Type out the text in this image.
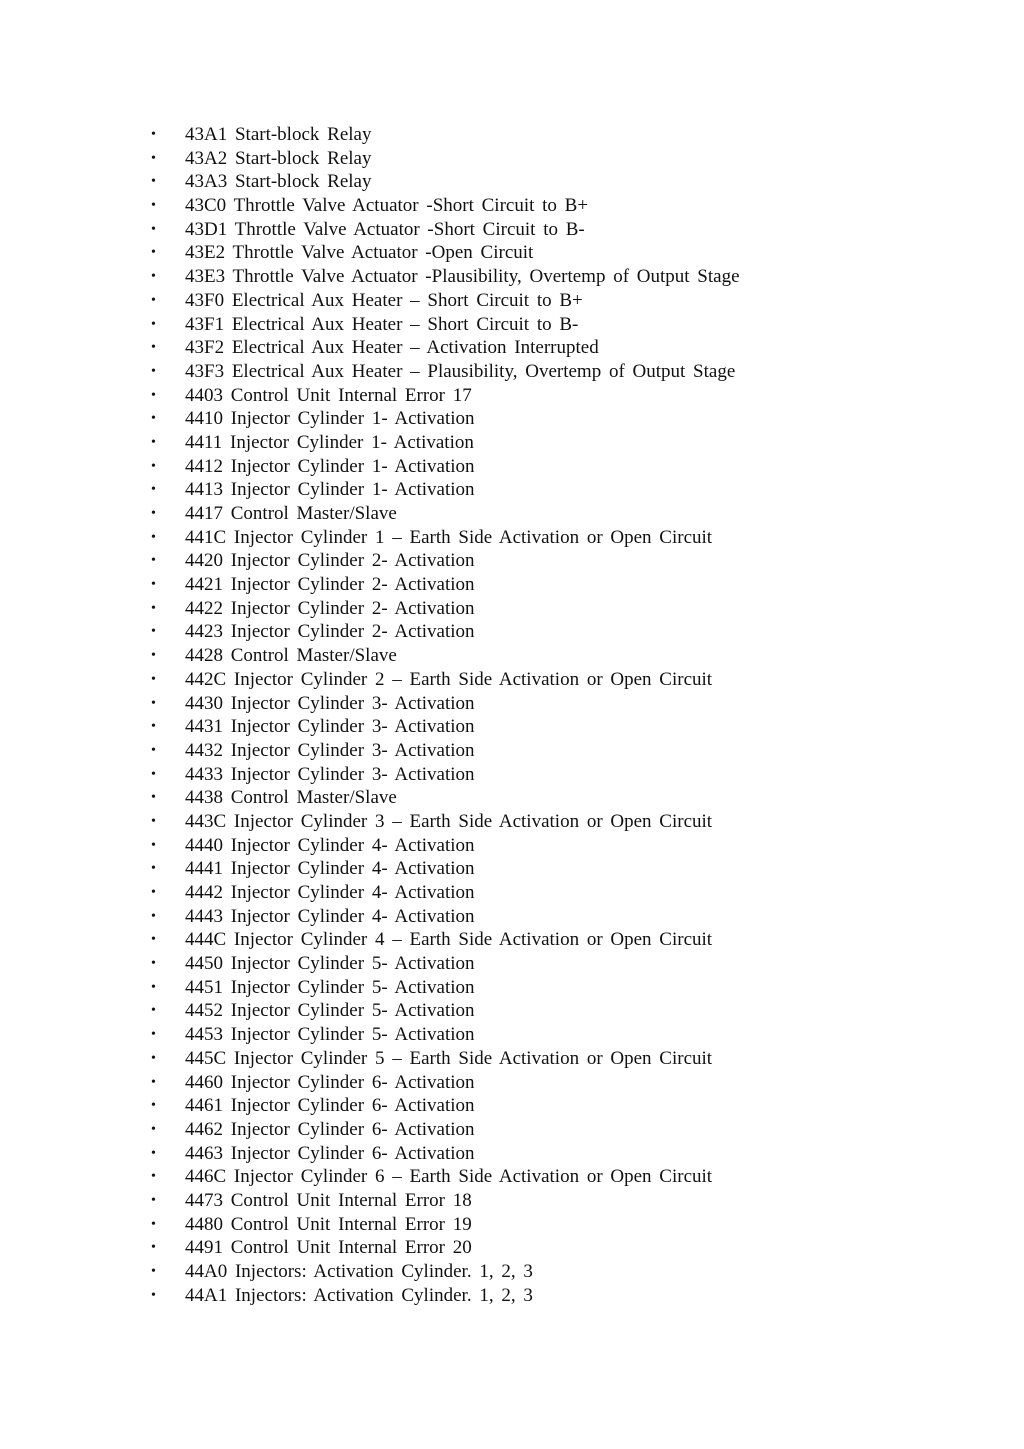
• 43A1 Start-block Relay
• 43A2 Start-block Relay
• 43A3 Start-block Relay
• 43C0 Throttle Valve Actuator -Short Circuit to B+
• 43D1 Throttle Valve Actuator -Short Circuit to B-
• 43E2 Throttle Valve Actuator -Open Circuit
• 43E3 Throttle Valve Actuator -Plausibility, Overtemp of Output Stage
• 43F0 Electrical Aux Heater – Short Circuit to B+
• 43F1 Electrical Aux Heater – Short Circuit to B-
• 43F2 Electrical Aux Heater – Activation Interrupted
• 43F3 Electrical Aux Heater – Plausibility, Overtemp of Output Stage
• 4403 Control Unit Internal Error 17
• 4410 Injector Cylinder 1- Activation
• 4411 Injector Cylinder 1- Activation
• 4412 Injector Cylinder 1- Activation
• 4413 Injector Cylinder 1- Activation
• 4417 Control Master/Slave
• 441C Injector Cylinder 1 – Earth Side Activation or Open Circuit
• 4420 Injector Cylinder 2- Activation
• 4421 Injector Cylinder 2- Activation
• 4422 Injector Cylinder 2- Activation
• 4423 Injector Cylinder 2- Activation
• 4428 Control Master/Slave
• 442C Injector Cylinder 2 – Earth Side Activation or Open Circuit
• 4430 Injector Cylinder 3- Activation
• 4431 Injector Cylinder 3- Activation
• 4432 Injector Cylinder 3- Activation
• 4433 Injector Cylinder 3- Activation
• 4438 Control Master/Slave
• 443C Injector Cylinder 3 – Earth Side Activation or Open Circuit
• 4440 Injector Cylinder 4- Activation
• 4441 Injector Cylinder 4- Activation
• 4442 Injector Cylinder 4- Activation
• 4443 Injector Cylinder 4- Activation
• 444C Injector Cylinder 4 – Earth Side Activation or Open Circuit
• 4450 Injector Cylinder 5- Activation
• 4451 Injector Cylinder 5- Activation
• 4452 Injector Cylinder 5- Activation
• 4453 Injector Cylinder 5- Activation
• 445C Injector Cylinder 5 – Earth Side Activation or Open Circuit
• 4460 Injector Cylinder 6- Activation
• 4461 Injector Cylinder 6- Activation
• 4462 Injector Cylinder 6- Activation
• 4463 Injector Cylinder 6- Activation
• 446C Injector Cylinder 6 – Earth Side Activation or Open Circuit
• 4473 Control Unit Internal Error 18
• 4480 Control Unit Internal Error 19
• 4491 Control Unit Internal Error 20
• 44A0 Injectors: Activation Cylinder. 1, 2, 3
• 44A1 Injectors: Activation Cylinder. 1, 2, 3
